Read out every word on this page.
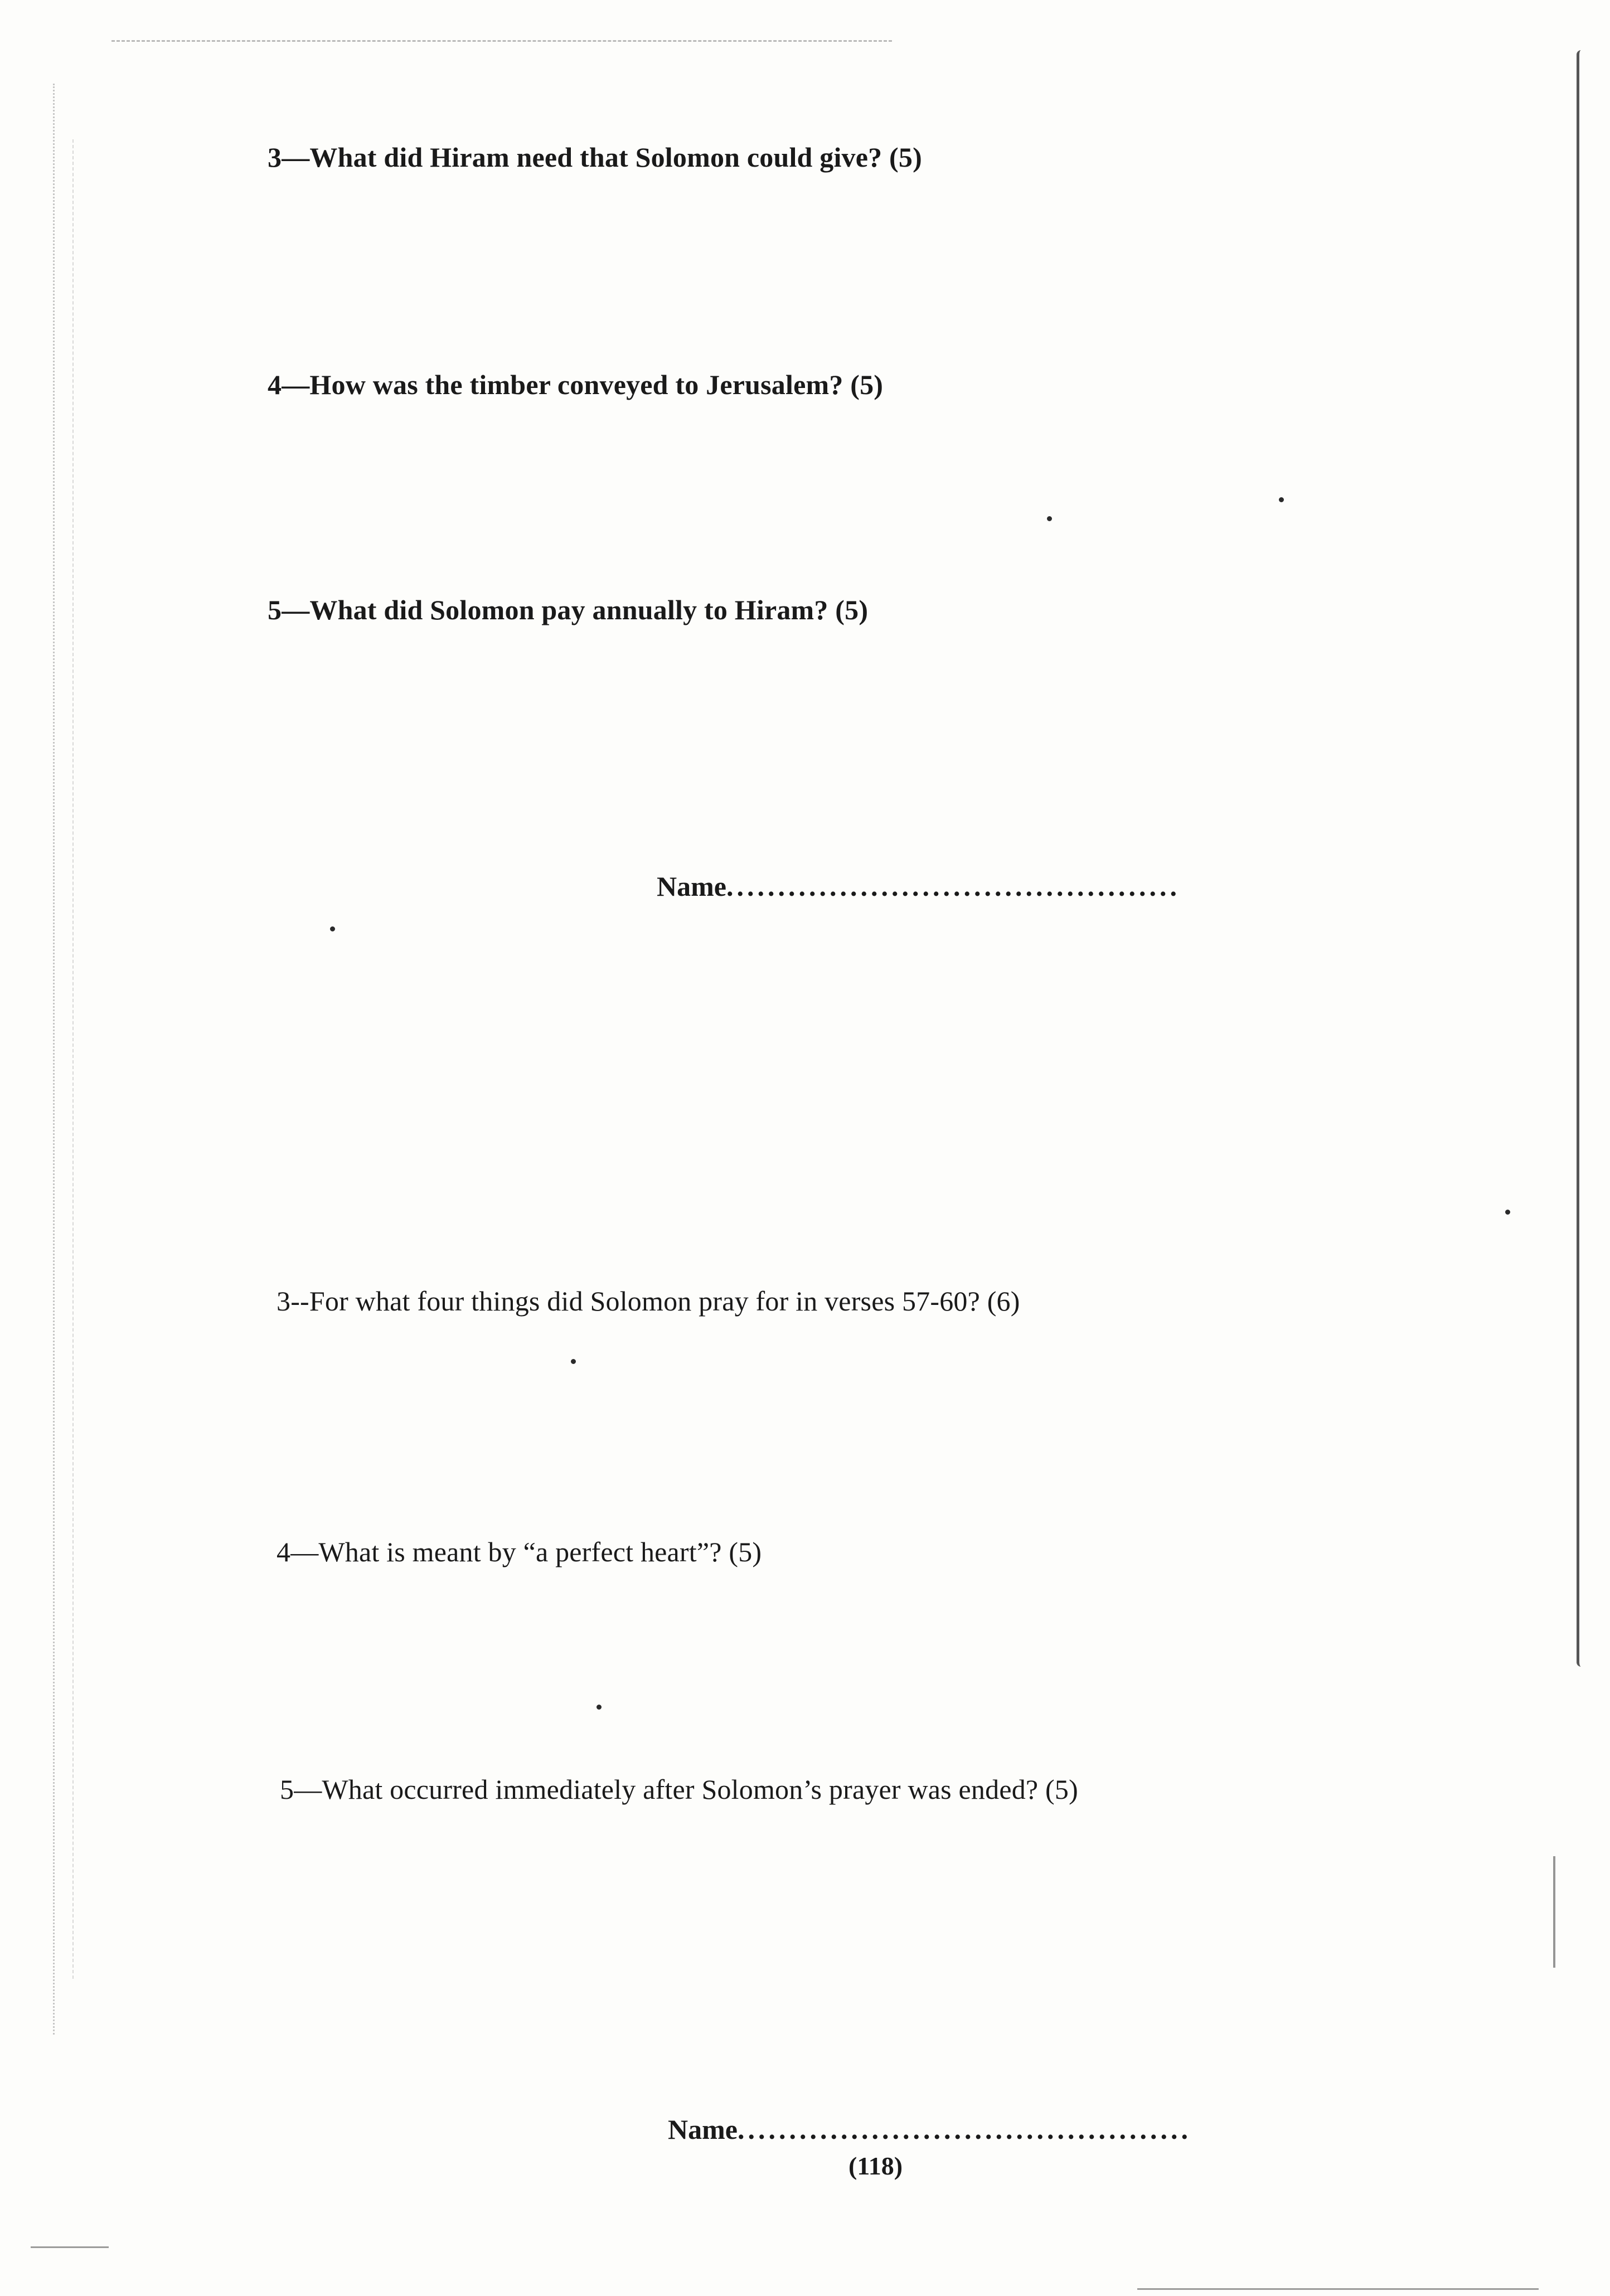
3—What did Hiram need that Solomon could give? (5)
4—How was the timber conveyed to Jerusalem? (5)
5—What did Solomon pay annually to Hiram? (5)
Name............................................
3--For what four things did Solomon pray for in verses 57-60? (6)
4—What is meant by “a perfect heart”? (5)
5—What occurred immediately after Solomon’s prayer was ended? (5)
Name............................................
(118)
